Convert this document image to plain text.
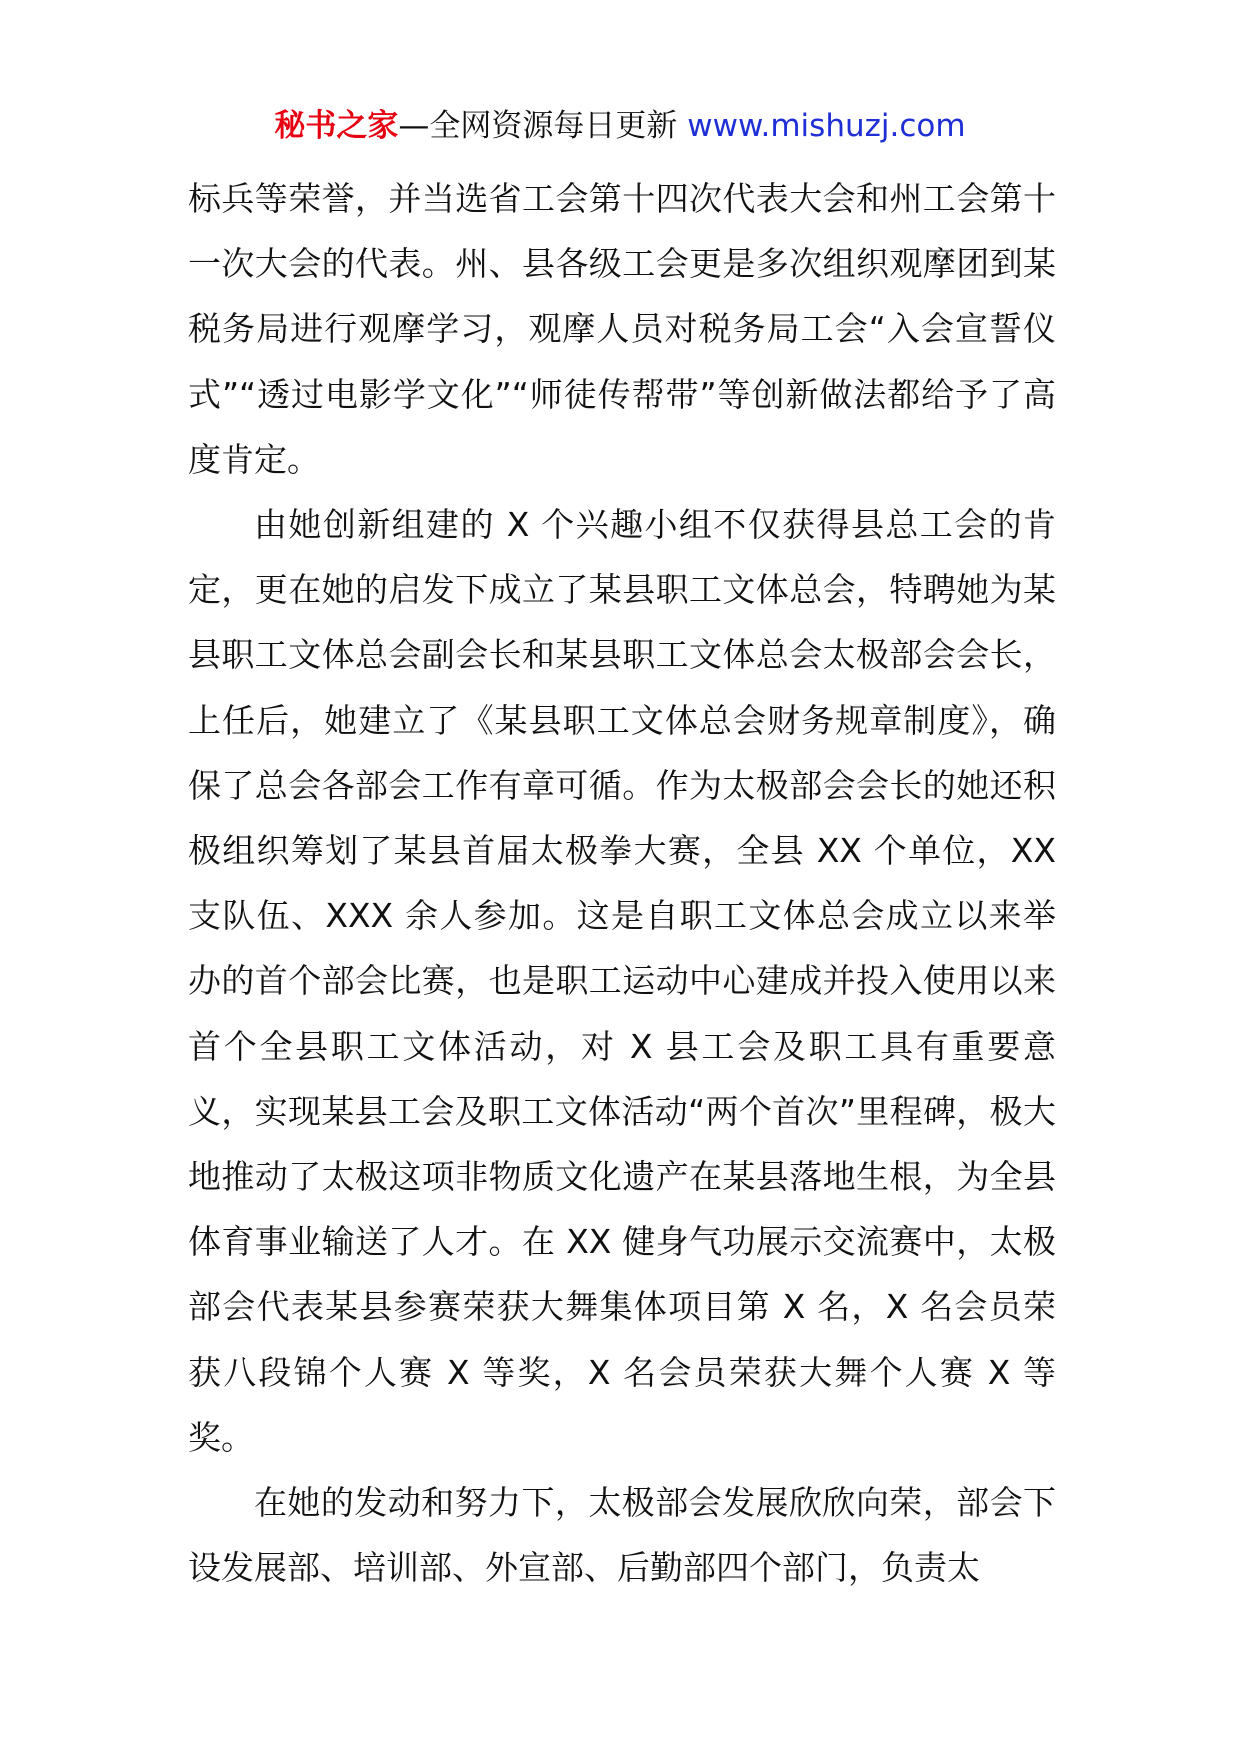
秘书之家—全网资源每日更新 www.mishuzj.com

标兵等荣誉，并当选省工会第十四次代表大会和州工会第十一次大会的代表。州、县各级工会更是多次组织观摩团到某税务局进行观摩学习，观摩人员对税务局工会“入会宣誓仪式”“透过电影学文化”“师徒传帮带”等创新做法都给予了高度肯定。

由她创新组建的 X 个兴趣小组不仅获得县总工会的肯定，更在她的启发下成立了某县职工文体总会，特聘她为某县职工文体总会副会长和某县职工文体总会太极部会会长，上任后，她建立了《某县职工文体总会财务规章制度》，确保了总会各部会工作有章可循。作为太极部会会长的她还积极组织筹划了某县首届太极拳大赛，全县 XX 个单位，XX 支队伍、XXX 余人参加。这是自职工文体总会成立以来举办的首个部会比赛，也是职工运动中心建成并投入使用以来首个全县职工文体活动，对 X 县工会及职工具有重要意义，实现某县工会及职工文体活动“两个首次”里程碑，极大地推动了太极这项非物质文化遗产在某县落地生根，为全县体育事业输送了人才。在 XX 健身气功展示交流赛中，太极部会代表某县参赛荣获大舞集体项目第 X 名，X 名会员荣获八段锦个人赛 X 等奖，X 名会员荣获大舞个人赛 X 等奖。

在她的发动和努力下，太极部会发展欣欣向荣，部会下设发展部、培训部、外宣部、后勤部四个部门，负责太
